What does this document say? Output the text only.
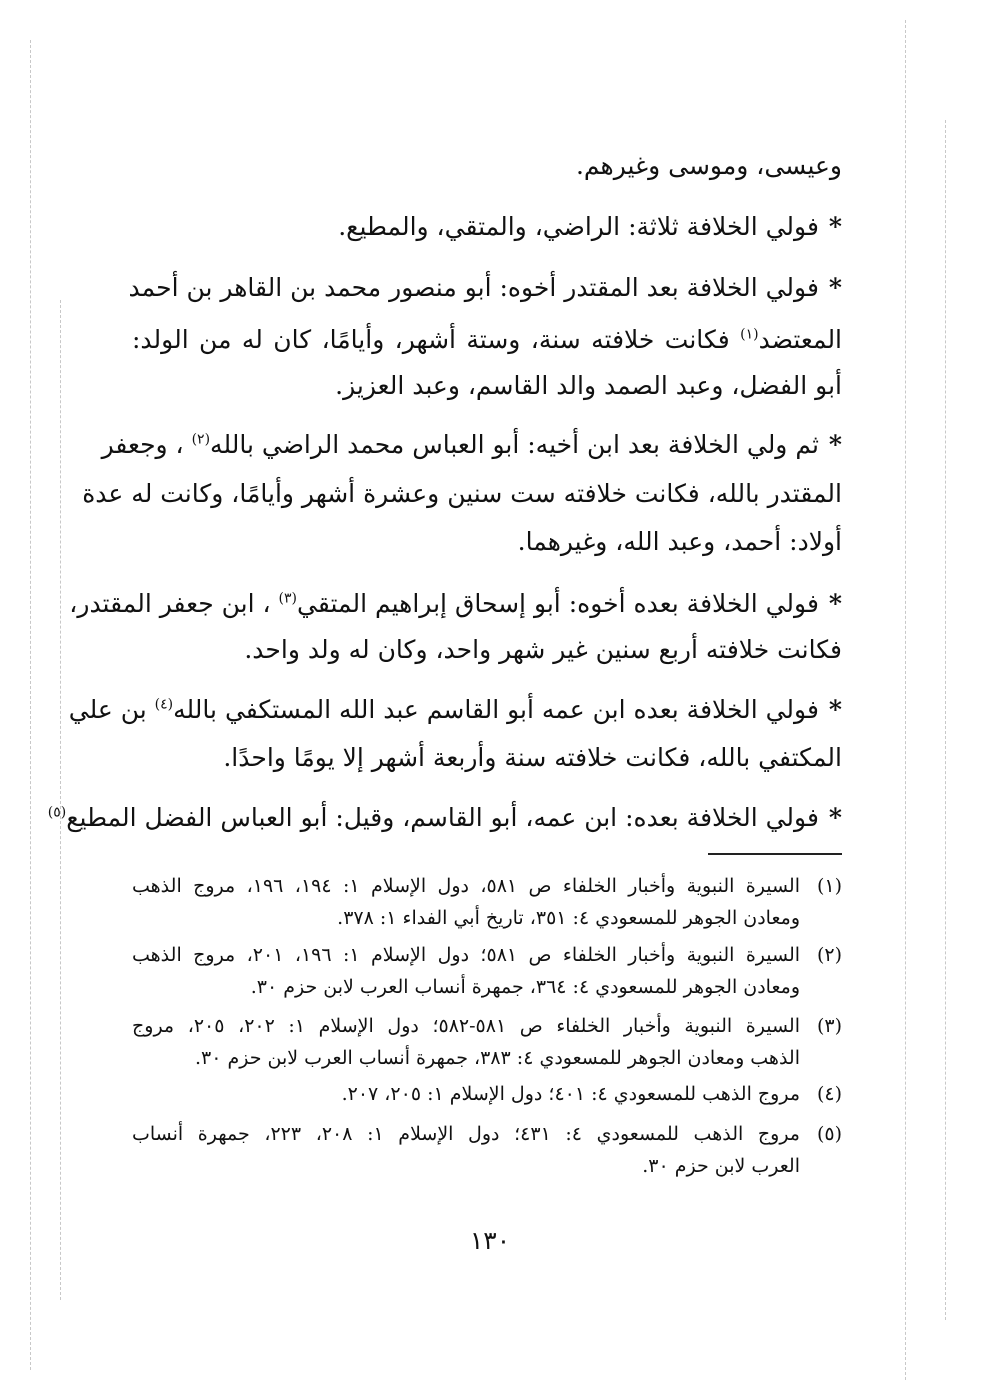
وعيسى، وموسى وغيرهم.
*فولي الخلافة ثلاثة: الراضي، والمتقي، والمطيع.
*فولي الخلافة بعد المقتدر أخوه: أبو منصور محمد بن القاهر بن أحمد
المعتضد$^{(١)}$ فكانت خلافته سنة، وستة أشهر، وأيامًا، كان له من الولد:
أبو الفضل، وعبد الصمد والد القاسم، وعبد العزيز.
*ثم ولي الخلافة بعد ابن أخيه: أبو العباس محمد الراضي بالله$^{(٢)}$ ، وجعفر
المقتدر بالله، فكانت خلافته ست سنين وعشرة أشهر وأيامًا، وكانت له عدة
أولاد: أحمد، وعبد الله، وغيرهما.
*فولي الخلافة بعده أخوه: أبو إسحاق إبراهيم المتقي$^{(٣)}$ ، ابن جعفر المقتدر،
فكانت خلافته أربع سنين غير شهر واحد، وكان له ولد واحد.
*فولي الخلافة بعده ابن عمه أبو القاسم عبد الله المستكفي بالله$^{(٤)}$ بن علي
المكتفي بالله، فكانت خلافته سنة وأربعة أشهر إلا يومًا واحدًا.
*فولي الخلافة بعده: ابن عمه، أبو القاسم، وقيل: أبو العباس الفضل المطيع$^{(٥)}$
(١)
السيرة النبوية وأخبار الخلفاء ص ٥٨١، دول الإسلام ١: ١٩٤، ١٩٦، مروج الذهب
ومعادن الجوهر للمسعودي ٤: ٣٥١، تاريخ أبي الفداء ١: ٣٧٨.
(٢)
السيرة النبوية وأخبار الخلفاء ص ٥٨١؛ دول الإسلام ١: ١٩٦، ٢٠١، مروج الذهب
ومعادن الجوهر للمسعودي ٤: ٣٦٤، جمهرة أنساب العرب لابن حزم ٣٠.
(٣)
السيرة النبوية وأخبار الخلفاء ص ٥٨١-٥٨٢؛ دول الإسلام ١: ٢٠٢، ٢٠٥، مروج
الذهب ومعادن الجوهر للمسعودي ٤: ٣٨٣، جمهرة أنساب العرب لابن حزم ٣٠.
(٤)
مروج الذهب للمسعودي ٤: ٤٠١؛ دول الإسلام ١: ٢٠٥، ٢٠٧.
(٥)
مروج الذهب للمسعودي ٤: ٤٣١؛ دول الإسلام ١: ٢٠٨، ٢٢٣، جمهرة أنساب
العرب لابن حزم ٣٠.
١٣٠
